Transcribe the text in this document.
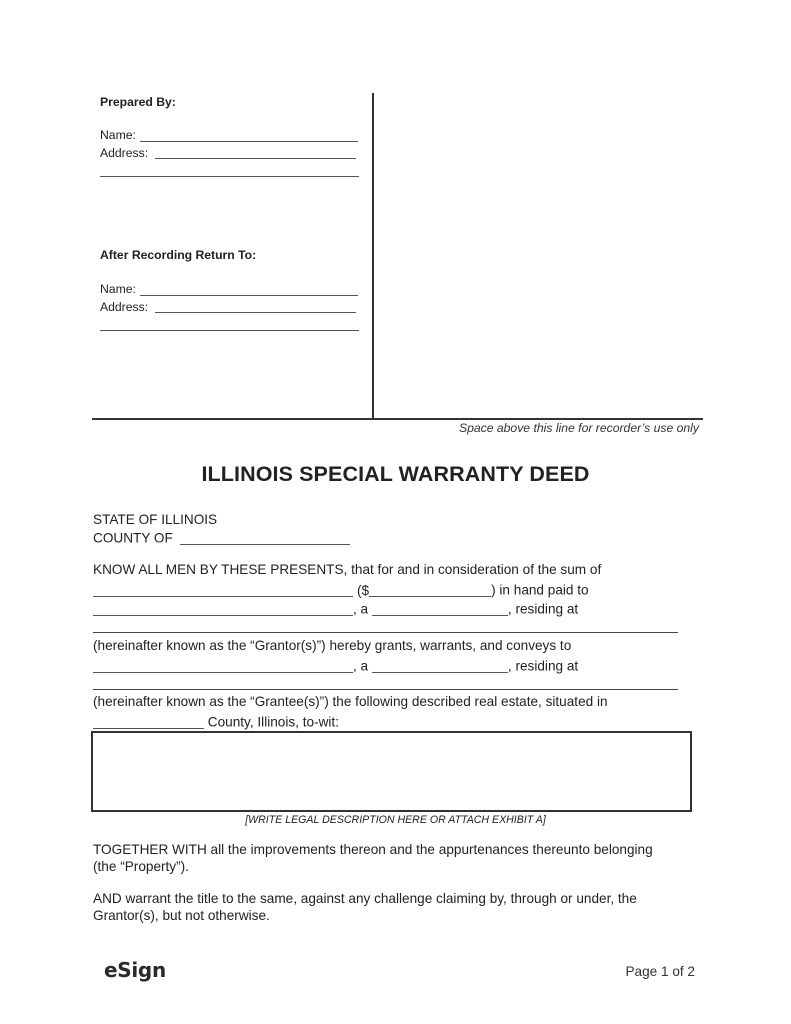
Prepared By:
Name:
Address:
After Recording Return To:
Name:
Address:
Space above this line for recorder’s use only
ILLINOIS SPECIAL WARRANTY DEED
STATE OF ILLINOIS
COUNTY OF
KNOW ALL MEN BY THESE PRESENTS, that for and in consideration of the sum of
($	) in hand paid to
, a	, residing at
(hereinafter known as the “Grantor(s)”) hereby grants, warrants, and conveys to
, a	, residing at
(hereinafter known as the “Grantee(s)”) the following described real estate, situated in
County, Illinois, to-wit:
[WRITE LEGAL DESCRIPTION HERE OR ATTACH EXHIBIT A]
TOGETHER WITH all the improvements thereon and the appurtenances thereunto belonging
(the “Property”).
AND warrant the title to the same, against any challenge claiming by, through or under, the
Grantor(s), but not otherwise.
eSign	Page 1 of 2
